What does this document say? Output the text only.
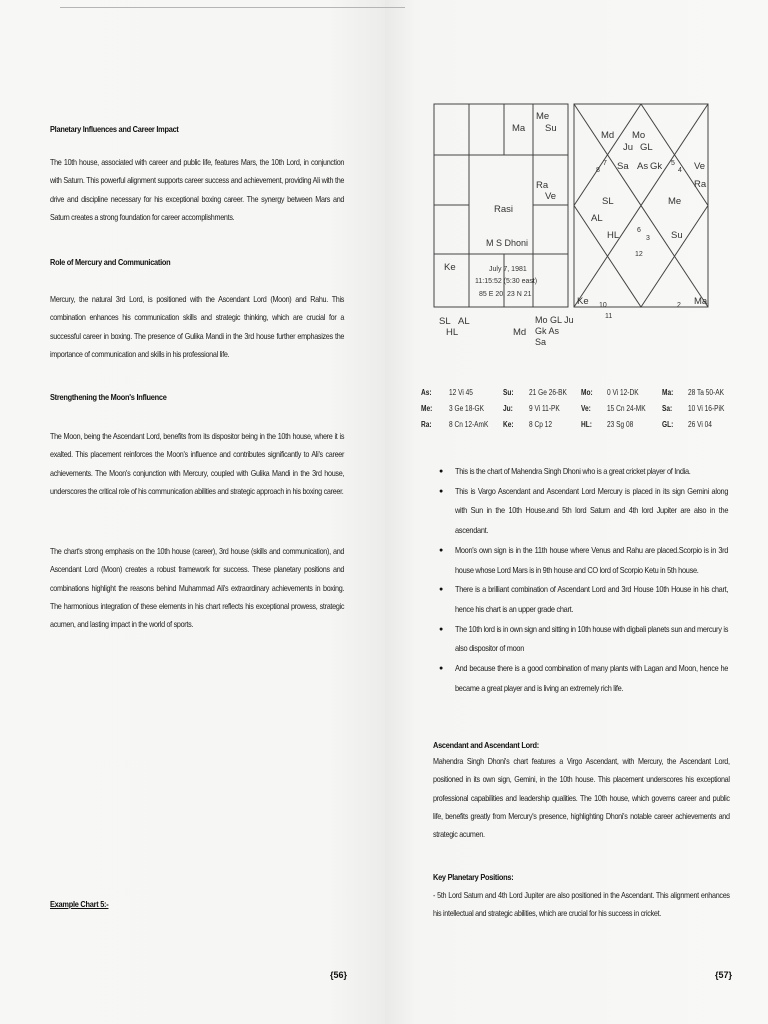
Planetary Influences and Career Impact
The 10th house, associated with career and public life, features Mars, the 10th Lord, in conjunction with Saturn. This powerful alignment supports career success and achievement, providing Ali with the drive and discipline necessary for his exceptional boxing career. The synergy between Mars and Saturn creates a strong foundation for career accomplishments.
Role of Mercury and Communication
Mercury, the natural 3rd Lord, is positioned with the Ascendant Lord (Moon) and Rahu. This combination enhances his communication skills and strategic thinking, which are crucial for a successful career in boxing. The presence of Gulika Mandi in the 3rd house further emphasizes the importance of communication and skills in his professional life.
Strengthening the Moon's Influence
The Moon, being the Ascendant Lord, benefits from its dispositor being in the 10th house, where it is exalted. This placement reinforces the Moon's influence and contributes significantly to Ali's career achievements. The Moon's conjunction with Mercury, coupled with Gulika Mandi in the 3rd house, underscores the critical role of his communication abilities and strategic approach in his boxing career.
The chart's strong emphasis on the 10th house (career), 3rd house (skills and communication), and Ascendant Lord (Moon) creates a robust framework for success. These planetary positions and combinations highlight the reasons behind Muhammad Ali's extraordinary achievements in boxing. The harmonious integration of these elements in his chart reflects his exceptional prowess, strategic acumen, and lasting impact in the world of sports.
Example Chart 5:-
{56}
Ma
Me
Su
Ra
Ve
Rasi
M S Dhoni
Ke
SL AL
HL	Md
Mo GL Ju
Gk As
Sa
July 7, 1981
11:15:52 (5:30 east)
85 E 20, 23 N 21
Md Mo
Ju GL
Sa As Gk	Ve
Ra
SL
AL
HL
Me
Su
Ke	Ma
8
7	5
4
6
3
12
10
11
2
As: 12 Vi 45	Su: 21 Ge 26-BK Mo: 0 Vi 12-DK	Ma: 28 Ta 50-AK
Me: 3 Ge 18-GK Ju: 9 Vi 11-PK	Ve: 15 Cn 24-MK Sa: 10 Vi 16-PiK
Ra: 8 Cn 12-AmK Ke: 8 Cp 12	HL: 23 Sg 08	GL: 26 Vi 04
● This is the chart of Mahendra Singh Dhoni who is a great cricket player of India.
● This is Vargo Ascendant and Ascendant Lord Mercury is placed in its sign Gemini along with Sun in the 10th House.and 5th lord Saturn and 4th lord Jupiter are also in the ascendant.
● Moon's own sign is in the 11th house where Venus and Rahu are placed.Scorpio is in 3rd house whose Lord Mars is in 9th house and CO lord of Scorpio Ketu in 5th house.
● There is a brilliant combination of Ascendant Lord and 3rd House 10th House in his chart, hence his chart is an upper grade chart.
● The 10th lord is in own sign and sitting in 10th house with digbali planets sun and mercury is also dispositor of moon
● And because there is a good combination of many plants with Lagan and Moon, hence he became a great player and is living an extremely rich life.
Ascendant and Ascendant Lord:
Mahendra Singh Dhoni's chart features a Virgo Ascendant, with Mercury, the Ascendant Lord, positioned in its own sign, Gemini, in the 10th house. This placement underscores his exceptional professional capabilities and leadership qualities. The 10th house, which governs career and public life, benefits greatly from Mercury's presence, highlighting Dhoni's notable career achievements and strategic acumen.
Key Planetary Positions:
- 5th Lord Saturn and 4th Lord Jupiter are also positioned in the Ascendant. This alignment enhances his intellectual and strategic abilities, which are crucial for his success in cricket.
{57}
